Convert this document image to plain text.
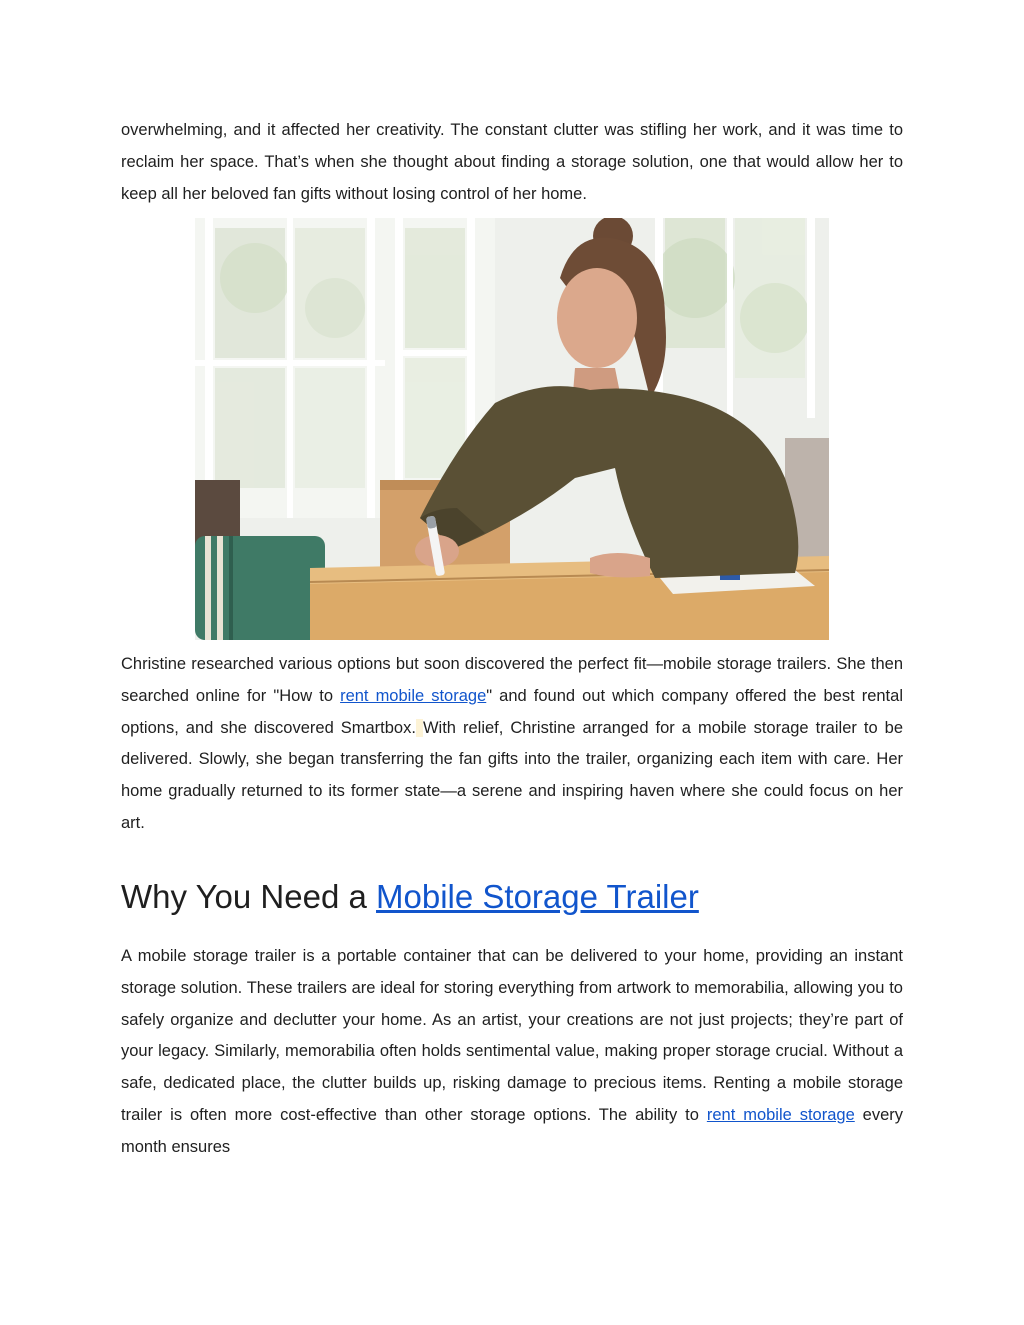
overwhelming, and it affected her creativity. The constant clutter was stifling her work, and it was time to reclaim her space. That’s when she thought about finding a storage solution, one that would allow her to keep all her beloved fan gifts without losing control of her home.

Christine researched various options but soon discovered the perfect fit—mobile storage trailers. She then searched online for "How to rent mobile storage" and found out which company offered the best rental options, and she discovered Smartbox. With relief, Christine arranged for a mobile storage trailer to be delivered. Slowly, she began transferring the fan gifts into the trailer, organizing each item with care. Her home gradually returned to its former state—a serene and inspiring haven where she could focus on her art.

Why You Need a Mobile Storage Trailer

A mobile storage trailer is a portable container that can be delivered to your home, providing an instant storage solution. These trailers are ideal for storing everything from artwork to memorabilia, allowing you to safely organize and declutter your home. As an artist, your creations are not just projects; they’re part of your legacy. Similarly, memorabilia often holds sentimental value, making proper storage crucial. Without a safe, dedicated place, the clutter builds up, risking damage to precious items. Renting a mobile storage trailer is often more cost-effective than other storage options. The ability to rent mobile storage every month ensures
